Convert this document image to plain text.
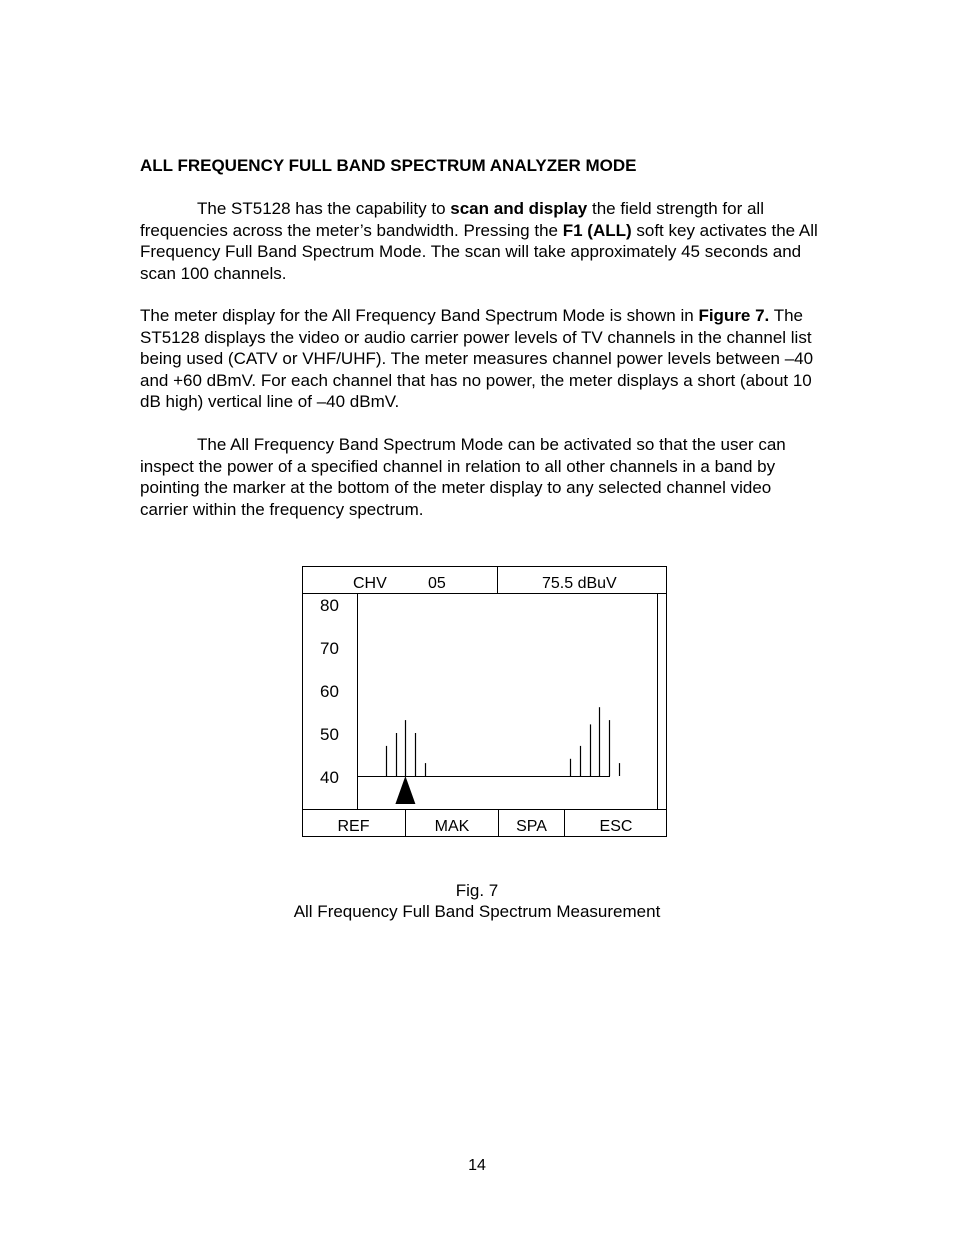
ALL FREQUENCY FULL BAND SPECTRUM ANALYZER MODE

The ST5128 has the capability to scan and display the field strength for all frequencies across the meter’s bandwidth. Pressing the F1 (ALL) soft key activates the All Frequency Full Band Spectrum Mode. The scan will take approximately 45 seconds and scan 100 channels.

The meter display for the All Frequency Band Spectrum Mode is shown in Figure 7. The ST5128 displays the video or audio carrier power levels of TV channels in the channel list being used (CATV or VHF/UHF). The meter measures channel power levels between –40 and +60 dBmV. For each channel that has no power, the meter displays a short (about 10 dB high) vertical line of –40 dBmV.

The All Frequency Band Spectrum Mode can be activated so that the user can inspect the power of a specified channel in relation to all other channels in a band by pointing the marker at the bottom of the meter display to any selected channel video carrier within the frequency spectrum.

CHV	05	75.5 dBuV
80
70
60
50
40
REF	MAK	SPA	ESC
Fig. 7
All Frequency Full Band Spectrum Measurement
14
